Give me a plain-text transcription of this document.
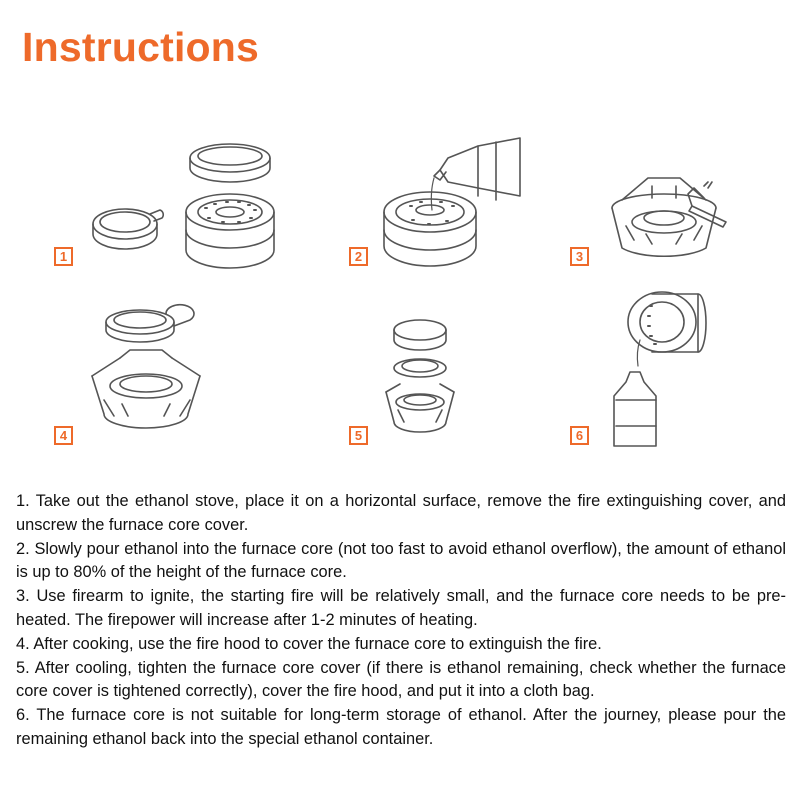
Instructions
1	2	3
4	5	6
1. Take out the ethanol stove, place it on a horizontal surface, remove the fire extinguishing cover, and unscrew the furnace core cover.
2. Slowly pour ethanol into the furnace core (not too fast to avoid ethanol overflow), the amount of ethanol is up to 80% of the height of the furnace core.
3. Use firearm to ignite, the starting fire will be relatively small, and the furnace core needs to be pre-heated. The firepower will increase after 1-2 minutes of heating.
4. After cooking, use the fire hood to cover the furnace core to extinguish the fire.
5. After cooling, tighten the furnace core cover (if there is ethanol remaining, check whether the furnace core cover is tightened correctly), cover the fire hood, and put it into a cloth bag.
6. The furnace core is not suitable for long-term storage of ethanol. After the journey, please pour the remaining ethanol back into the special ethanol container.
